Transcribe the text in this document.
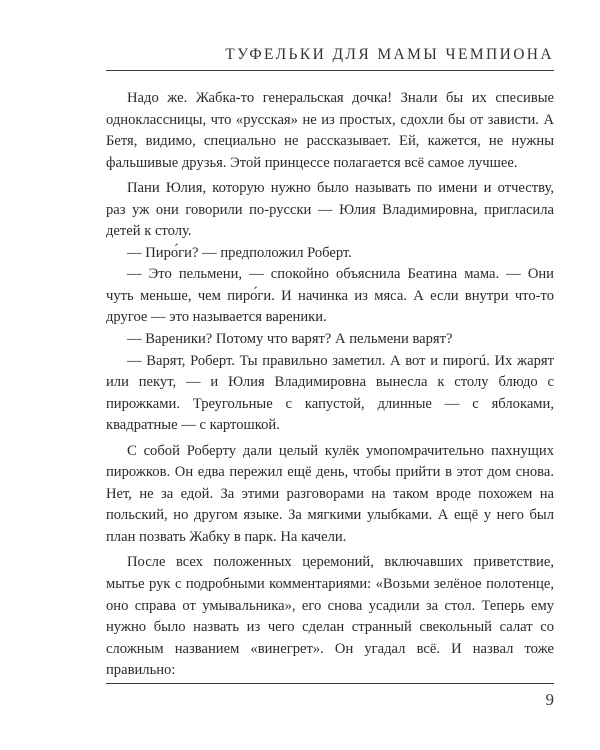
ТУФЕЛЬКИ ДЛЯ МАМЫ ЧЕМПИОНА

Надо же. Жабка-то генеральская дочка! Знали бы их спесивые одноклассницы, что «русская» не из простых, сдохли бы от зависти. А Бетя, видимо, специально не рассказывает. Ей, кажется, не нужны фальшивые друзья. Этой принцессе полагается всё самое лучшее.

Пани Юлия, которую нужно было называть по имени и отчеству, раз уж они говорили по-русски — Юлия Владимировна, пригласила детей к столу.

— Пиро́ги? — предположил Роберт.

— Это пельмени, — спокойно объяснила Беатина мама. — Они чуть меньше, чем пиро́ги. И начинка из мяса. А если внутри что-то другое — это называется вареники.

— Вареники? Потому что варят? А пельмени варят?

— Варят, Роберт. Ты правильно заметил. А вот и пирогú. Их жарят или пекут, — и Юлия Владимировна вынесла к столу блюдо с пирожками. Треугольные с капустой, длинные — с яблоками, квадратные — с картошкой.

С собой Роберту дали целый кулёк умопомрачительно пахнущих пирожков. Он едва пережил ещё день, чтобы прийти в этот дом снова. Нет, не за едой. За этими разговорами на таком вроде похожем на польский, но другом языке. За мягкими улыбками. А ещё у него был план позвать Жабку в парк. На качели.

После всех положенных церемоний, включавших приветствие, мытье рук с подробными комментариями: «Возьми зелёное полотенце, оно справа от умывальника», его снова усадили за стол. Теперь ему нужно было назвать из чего сделан странный свекольный салат со сложным названием «винегрет». Он угадал всё. И назвал тоже правильно:

9
